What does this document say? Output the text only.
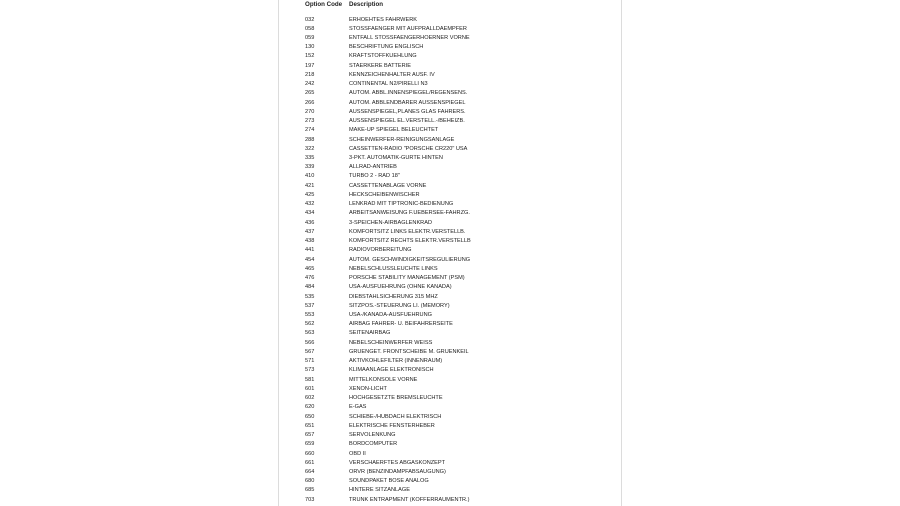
Option Code	Description

032	ERHOEHTES FAHRWERK
058	STOSSFAENGER MIT AUFPRALLDAEMPFER
059	ENTFALL STOSSFAENGERHOERNER VORNE
130	BESCHRIFTUNG ENGLISCH
152	KRAFTSTOFFKUEHLUNG
197	STAERKERE BATTERIE
218	KENNZEICHENHALTER AUSF. IV
242	CONTINENTAL N2/PIRELLI N3
265	AUTOM. ABBL.INNENSPIEGEL/REGENSENS.
266	AUTOM. ABBLENDBARER AUSSENSPIEGEL
270	AUSSENSPIEGEL,PLANES GLAS FAHRERS.
273	AUSSENSPIEGEL EL.VERSTELL.-/BEHEIZB.
274	MAKE-UP SPIEGEL BELEUCHTET
288	SCHEINWERFER-REINIGUNGSANLAGE
322	CASSETTEN-RADIO "PORSCHE CR220" USA
335	3-PKT. AUTOMATIK-GURTE HINTEN
339	ALLRAD-ANTRIEB
410	TURBO 2 - RAD 18"
421	CASSETTENABLAGE VORNE
425	HECKSCHEIBENWISCHER
432	LENKRAD MIT TIPTRONIC-BEDIENUNG
434	ARBEITSANWEISUNG F.UEBERSEE-FAHRZG.
436	3-SPEICHEN-AIRBAGLENKRAD
437	KOMFORTSITZ LINKS ELEKTR.VERSTELLB.
438	KOMFORTSITZ RECHTS ELEKTR.VERSTELLB
441	RADIOVORBEREITUNG
454	AUTOM. GESCHWINDIGKEITSREGULIERUNG
465	NEBELSCHLUSSLEUCHTE LINKS
476	PORSCHE STABILITY MANAGEMENT (PSM)
484	USA-AUSFUEHRUNG (OHNE KANADA)
535	DIEBSTAHLSICHERUNG 315 MHZ
537	SITZPOS.-STEUERUNG LI. (MEMORY)
553	USA-/KANADA-AUSFUEHRUNG
562	AIRBAG FAHRER- U. BEIFAHRERSEITE
563	SEITENAIRBAG
566	NEBELSCHEINWERFER WEISS
567	GRUENGET. FRONTSCHEIBE M. GRUENKEIL
571	AKTIVKOHLEFILTER (INNENRAUM)
573	KLIMAANLAGE ELEKTRONISCH
581	MITTELKONSOLE VORNE
601	XENON-LICHT
602	HOCHGESETZTE BREMSLEUCHTE
620	E-GAS
650	SCHIEBE-/HUBDACH ELEKTRISCH
651	ELEKTRISCHE FENSTERHEBER
657	SERVOLENKUNG
659	BORDCOMPUTER
660	OBD II
661	VERSCHAERFTES ABGASKONZEPT
664	ORVR (BENZINDAMPFABSAUGUNG)
680	SOUNDPAKET BOSE ANALOG
685	HINTERE SITZANLAGE
703	TRUNK ENTRAPMENT (KOFFERRAUMENTR.)
